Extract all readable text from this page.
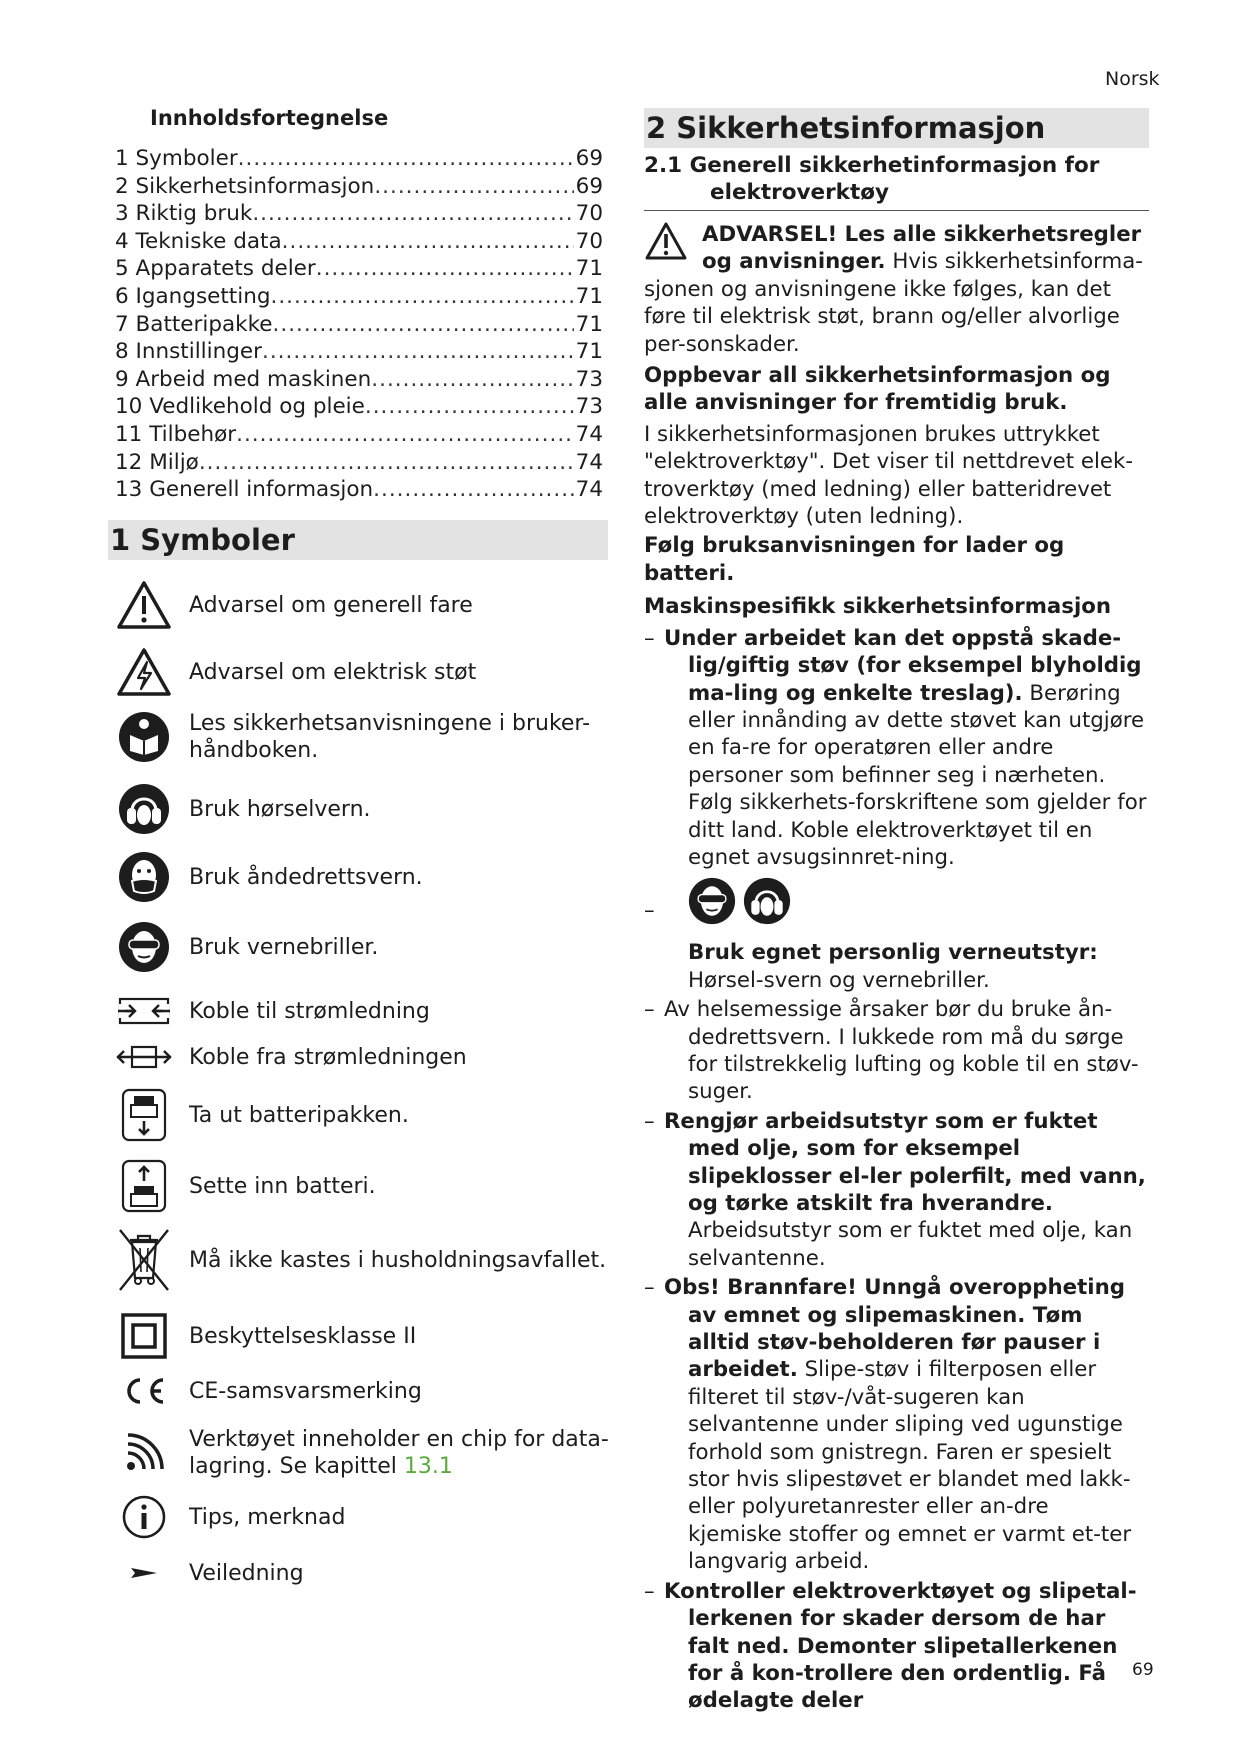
Norsk
69
Innholdsfortegnelse
1 Symboler .....	69
2 Sikkerhetsinformasjon .....	69
3 Riktig bruk .....	70
4 Tekniske data .....	70
5 Apparatets deler .....	71
6 Igangsetting .....	71
7 Batteripakke .....	71
8 Innstillinger .....	71
9 Arbeid med maskinen .....	73
10 Vedlikehold og pleie .....	73
11 Tilbehør .....	74
12 Miljø .....	74
13 Generell informasjon .....	74
1 Symboler
Advarsel om generell fare
Advarsel om elektrisk støt
Les sikkerhetsanvisningene i bruker-
håndboken.
Bruk hørselvern.
Bruk åndedrettsvern.
Bruk vernebriller.
Koble til strømledning
Koble fra strømledningen
Ta ut batteripakken.
Sette inn batteri.
Må ikke kastes i husholdningsavfallet.
Beskyttelsesklasse II
CE-samsvarsmerking
Verktøyet inneholder en chip for data-
lagring. Se kapittel 13.1
Tips, merknad
Veiledning
2 Sikkerhetsinformasjon
2.1 Generell sikkerhetinformasjon for
elektroverktøy

ADVARSEL! Les alle sikkerhetsregler og anvisninger. Hvis sikkerhetsinforma-sjonen og anvisningene ikke følges, kan det føre til elektrisk støt, brann og/eller alvorlige per-sonskader.

Oppbevar all sikkerhetsinformasjon og alle anvisninger for fremtidig bruk.

I sikkerhetsinformasjonen brukes uttrykket "elektroverktøy". Det viser til nettdrevet elek-troverktøy (med ledning) eller batteridrevet elektroverktøy (uten ledning).

Følg bruksanvisningen for lader og batteri.

Maskinspesifikk sikkerhetsinformasjon

– Under arbeidet kan det oppstå skade-lig/giftig støv (for eksempel blyholdig ma-ling og enkelte treslag). Berøring eller innånding av dette støvet kan utgjøre en fa-re for operatøren eller andre personer som befinner seg i nærheten. Følg sikkerhets-forskriftene som gjelder for ditt land. Koble elektroverktøyet til en egnet avsugsinnret-ning.

–

Bruk egnet personlig verneutstyr: Hørsel-svern og vernebriller.

– Av helsemessige årsaker bør du bruke ån-dedrettsvern. I lukkede rom må du sørge for tilstrekkelig lufting og koble til en støv-suger.

– Rengjør arbeidsutstyr som er fuktet med olje, som for eksempel slipeklosser el-ler polerfilt, med vann, og tørke atskilt fra hverandre. Arbeidsutstyr som er fuktet med olje, kan selvantenne.

– Obs! Brannfare! Unngå overoppheting av emnet og slipemaskinen. Tøm alltid støv-beholderen før pauser i arbeidet. Slipe-støv i filterposen eller filteret til støv-/våt-sugeren kan selvantenne under sliping ved ugunstige forhold som gnistregn. Faren er spesielt stor hvis slipestøvet er blandet med lakk- eller polyuretanrester eller an-dre kjemiske stoffer og emnet er varmt et-ter langvarig arbeid.

– Kontroller elektroverktøyet og slipetal-lerkenen for skader dersom de har falt ned. Demonter slipetallerkenen for å kon-trollere den ordentlig. Få ødelagte deler
